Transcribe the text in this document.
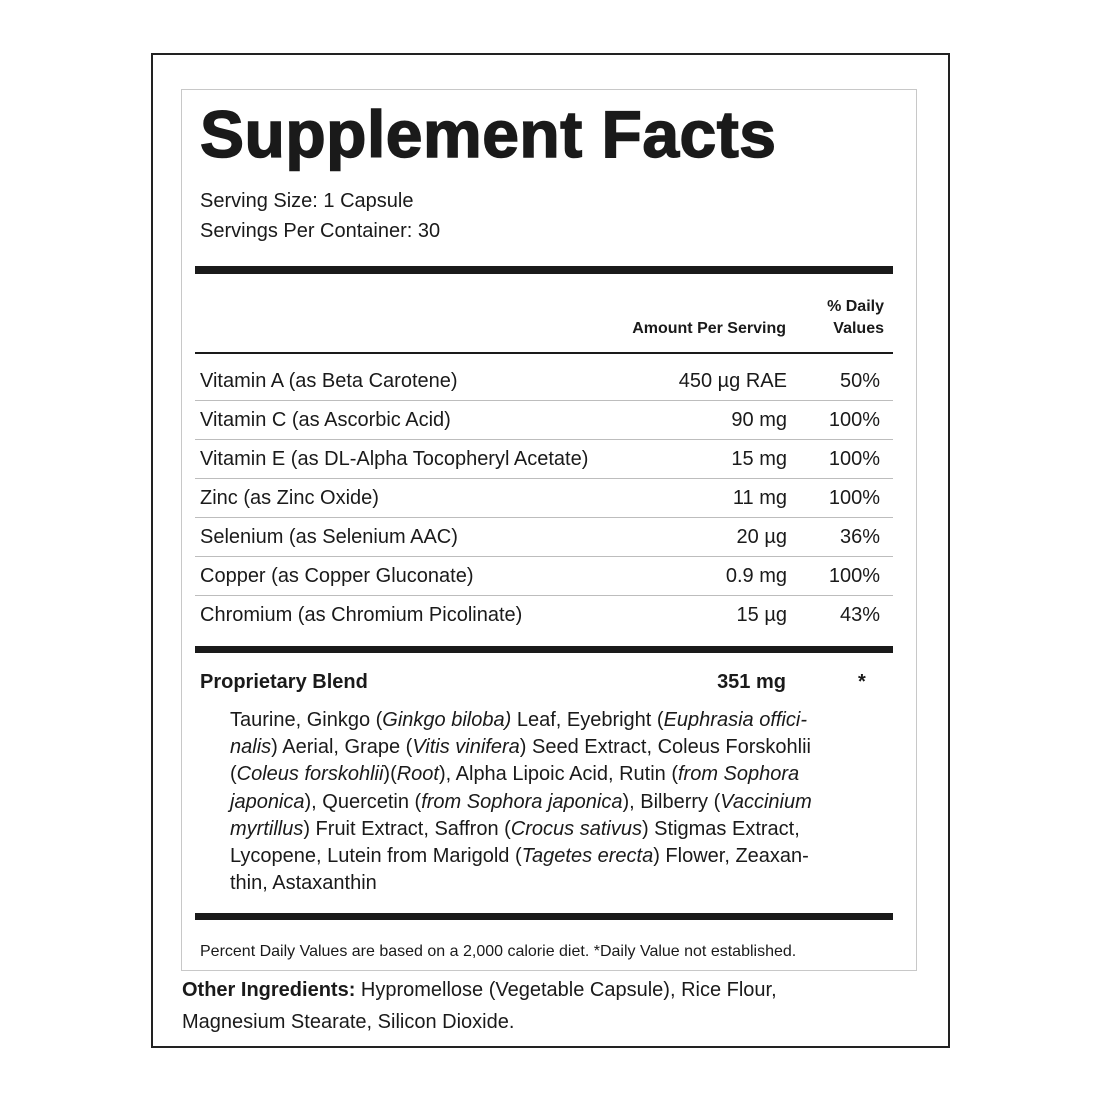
Supplement Facts
Serving Size: 1 Capsule
Servings Per Container: 30
Amount Per Serving
% Daily
Values
Vitamin A (as Beta Carotene)	450 µg RAE	50%
Vitamin C (as Ascorbic Acid)	90 mg 100%
Vitamin E (as DL-Alpha Tocopheryl Acetate)	15 mg 100%
Zinc (as Zinc Oxide)	11 mg 100%
Selenium (as Selenium AAC)	20 µg	36%
Copper (as Copper Gluconate)	0.9 mg 100%
Chromium (as Chromium Picolinate)	15 µg	43%
Proprietary Blend	351 mg	*
Taurine, Ginkgo (Ginkgo biloba) Leaf, Eyebright (Euphrasia offici-
nalis) Aerial, Grape (Vitis vinifera) Seed Extract, Coleus Forskohlii
(Coleus forskohlii)(Root), Alpha Lipoic Acid, Rutin (from Sophora
japonica), Quercetin (from Sophora japonica), Bilberry (Vaccinium
myrtillus) Fruit Extract, Saffron (Crocus sativus) Stigmas Extract,
Lycopene, Lutein from Marigold (Tagetes erecta) Flower, Zeaxan-
thin, Astaxanthin
Percent Daily Values are based on a 2,000 calorie diet. *Daily Value not established.
Other Ingredients: Hypromellose (Vegetable Capsule), Rice Flour,
Magnesium Stearate, Silicon Dioxide.
